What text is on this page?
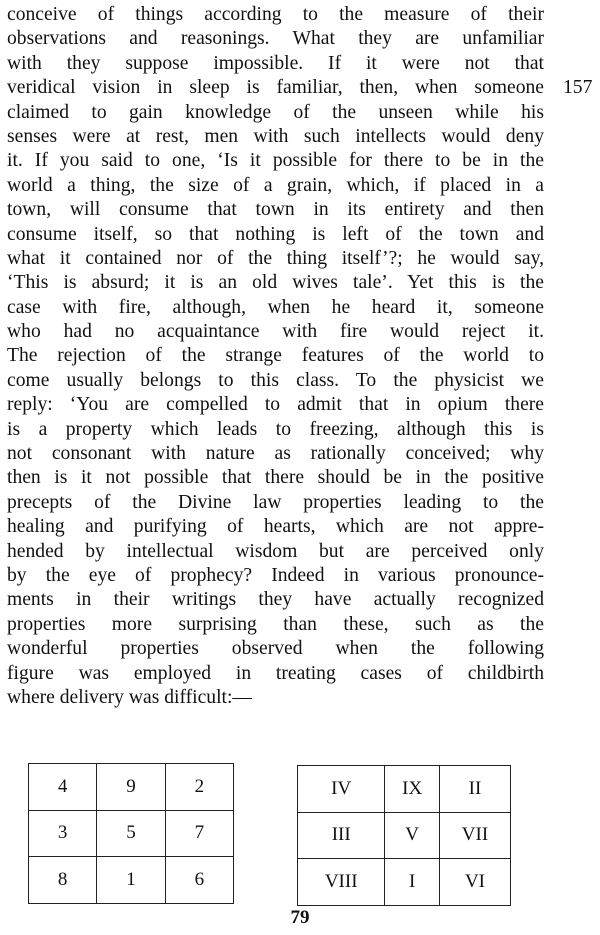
conceive of things according to the measure of their
observations and reasonings. What they are unfamiliar
with they suppose impossible. If it were not that
veridical vision in sleep is familiar, then, when someone
claimed to gain knowledge of the unseen while his
senses were at rest, men with such intellects would deny
it. If you said to one, ‘Is it possible for there to be in the
world a thing, the size of a grain, which, if placed in a
town, will consume that town in its entirety and then
consume itself, so that nothing is left of the town and
what it contained nor of the thing itself’?; he would say,
‘This is absurd; it is an old wives tale’. Yet this is the
case with fire, although, when he heard it, someone
who had no acquaintance with fire would reject it.
The rejection of the strange features of the world to
come usually belongs to this class. To the physicist we
reply: ‘You are compelled to admit that in opium there
is a property which leads to freezing, although this is
not consonant with nature as rationally conceived; why
then is it not possible that there should be in the positive
precepts of the Divine law properties leading to the
healing and purifying of hearts, which are not appre-
hended by intellectual wisdom but are perceived only
by the eye of prophecy? Indeed in various pronounce-
ments in their writings they have actually recognized
properties more surprising than these, such as the
wonderful properties observed when the following
figure was employed in treating cases of childbirth
where delivery was difficult:—
157
4	9	2
3	5	7
8	1	6
IV	IX	II
III	V	VII
VIII	I	VI
79
